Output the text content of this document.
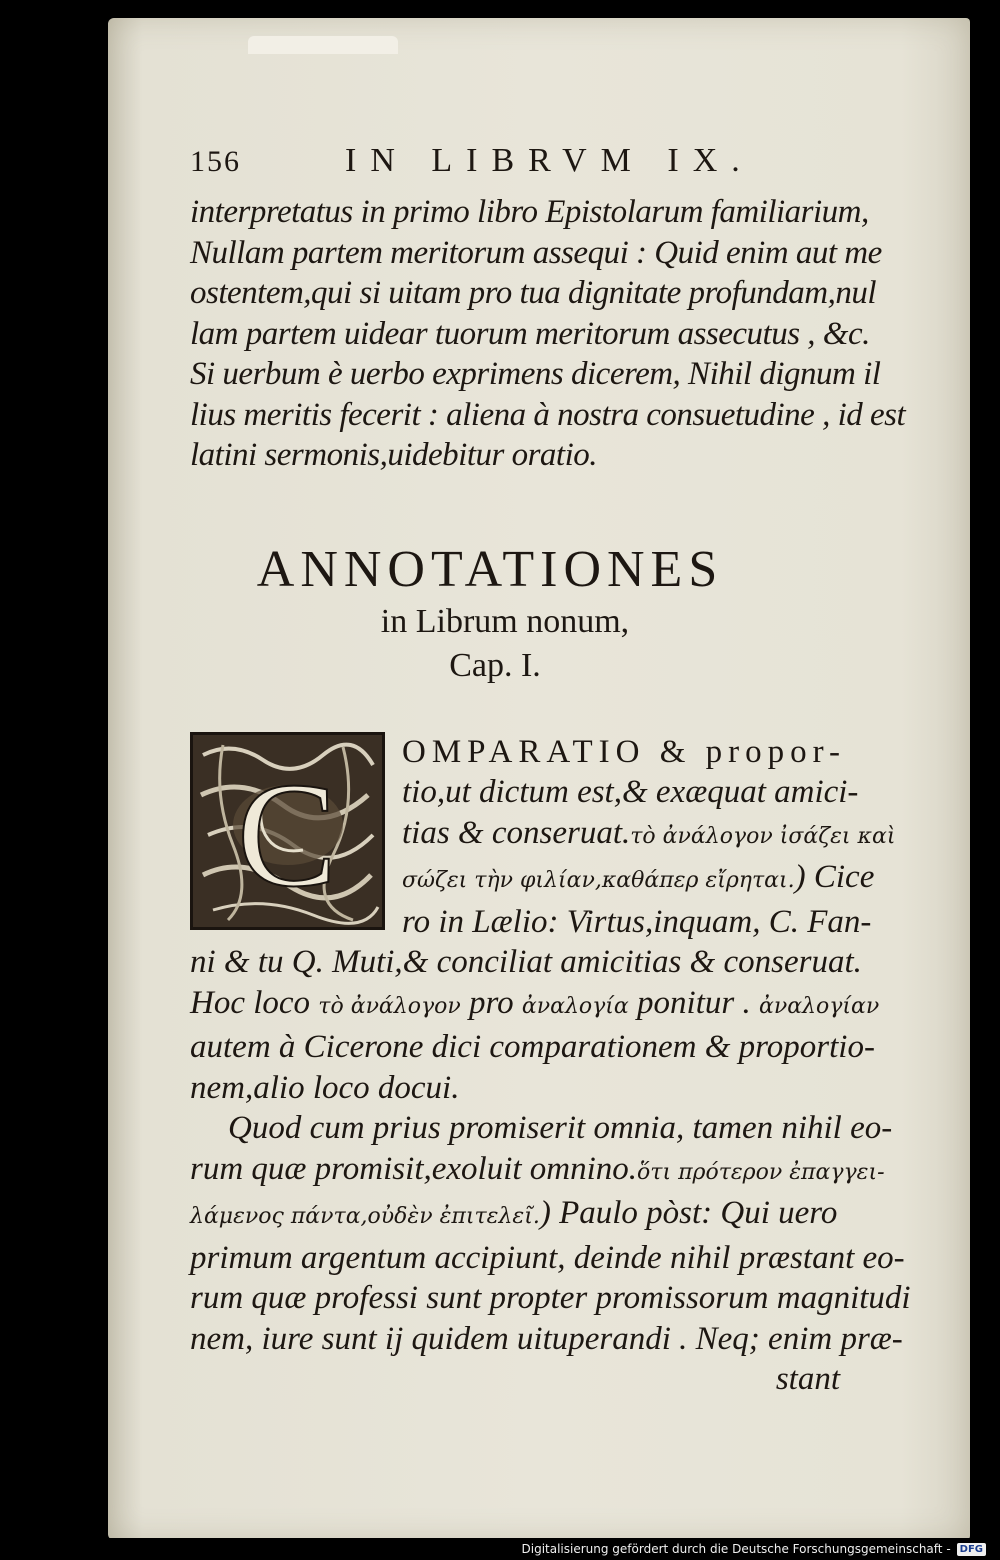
156	IN LIBRVM IX.
interpretatus in primo libro Epistolarum familiarium,
Nullam partem meritorum assequi : Quid enim aut me
ostentem,qui si uitam pro tua dignitate profundam,nul
lam partem uidear tuorum meritorum assecutus , &c.
Si uerbum è uerbo exprimens dicerem, Nihil dignum il
lius meritis fecerit : aliena à nostra consuetudine , id est
latini sermonis,uidebitur oratio.
ANNOTATIONES
in Librum nonum,
Cap. I.
C	OMPARATIO & propor-
tio,ut dictum est,& exæquat amici-
tias & conseruat.τὸ ἀνάλογον ἰσάζει καὶ
σώζει τὴν φιλίαν,καθάπερ εἴρηται.) Cice
ro in Lælio: Virtus,inquam, C. Fan-
ni & tu Q. Muti,& conciliat amicitias & conseruat.
Hoc loco τὸ ἀνάλογον pro ἀναλογία ponitur . ἀναλογίαν
autem à Cicerone dici comparationem & proportio-
nem,alio loco docui.
Quod cum prius promiserit omnia, tamen nihil eo-
rum quæ promisit,exoluit omnino.ὅτι πρότερον ἐπαγγει-
λάμενος πάντα,οὐδὲν ἐπιτελεῖ.) Paulo pòst: Qui uero
primum argentum accipiunt, deinde nihil præstant eo-
rum quæ professi sunt propter promissorum magnitudi
nem, iure sunt ij quidem uituperandi . Neq; enim præ-
stant
Digitalisierung gefördert durch die Deutsche Forschungsgemeinschaft - DFG
